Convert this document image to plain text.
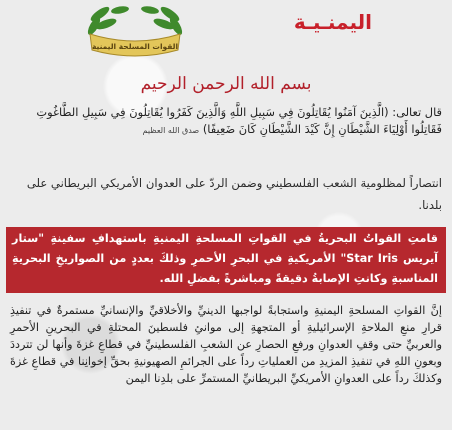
القوات المسلحة اليمنية
اليمنـيـة
بسم الله الرحمن الرحيم
قال تعالى: (الَّذِينَ آمَنُوا يُقَاتِلُونَ فِي سَبِيلِ اللَّهِ وَالَّذِينَ كَفَرُوا يُقَاتِلُونَ فِي سَبِيلِ الطَّاغُوتِ
فَقَاتِلُوا أَوْلِيَاءَ الشَّيْطَانِ إِنَّ كَيْدَ الشَّيْطَانِ كَانَ ضَعِيفًا) صدق الله العظيم
انتصاراً لمظلومية الشعب الفلسطيني وضمن الردّ على العدوان الأمريكي البريطاني على بلدنا.
قامتِ القواتُ البحريةُ في القواتِ المسلحةِ اليمنيةِ باستهدافِ سفينةِ "ستار آيريس Star Iris" الأمريكيةِ في البحرِ الأحمرِ وذلكَ بعددٍ من الصواريخِ البحريةِ المناسبةِ وكانتِ الإصابةُ دقيقةً ومباشرةً بفضلِ الله.
إنَّ القواتِ المسلحةِ اليمنيةِ واستجابةً لواجبها الدينيِّ والأخلاقيِّ والإنسانيِّ مستمرةٌ في تنفيذِ قرارِ منعِ الملاحةِ الإسرائيليةِ أو المتجهةِ إلى موانئِ فلسطينَ المحتلةِ في البحرينِ الأحمرِ والعربيِّ حتى وقفِ العدوانِ ورفعِ الحصارِ عن الشعبِ الفلسطينيِّ في قطاعِ غزةَ وأنها لن تترددَ وبعونِ اللهِ في تنفيذِ المزيدِ من العملياتِ رداً على الجرائمِ الصهيونيةِ بحقِّ إخوانِنا في قطاعِ غزةَ وكذلكَ رداً على العدوانِ الأمريكيِّ البريطانيِّ المستمرِّ على بلدِنا اليمن
